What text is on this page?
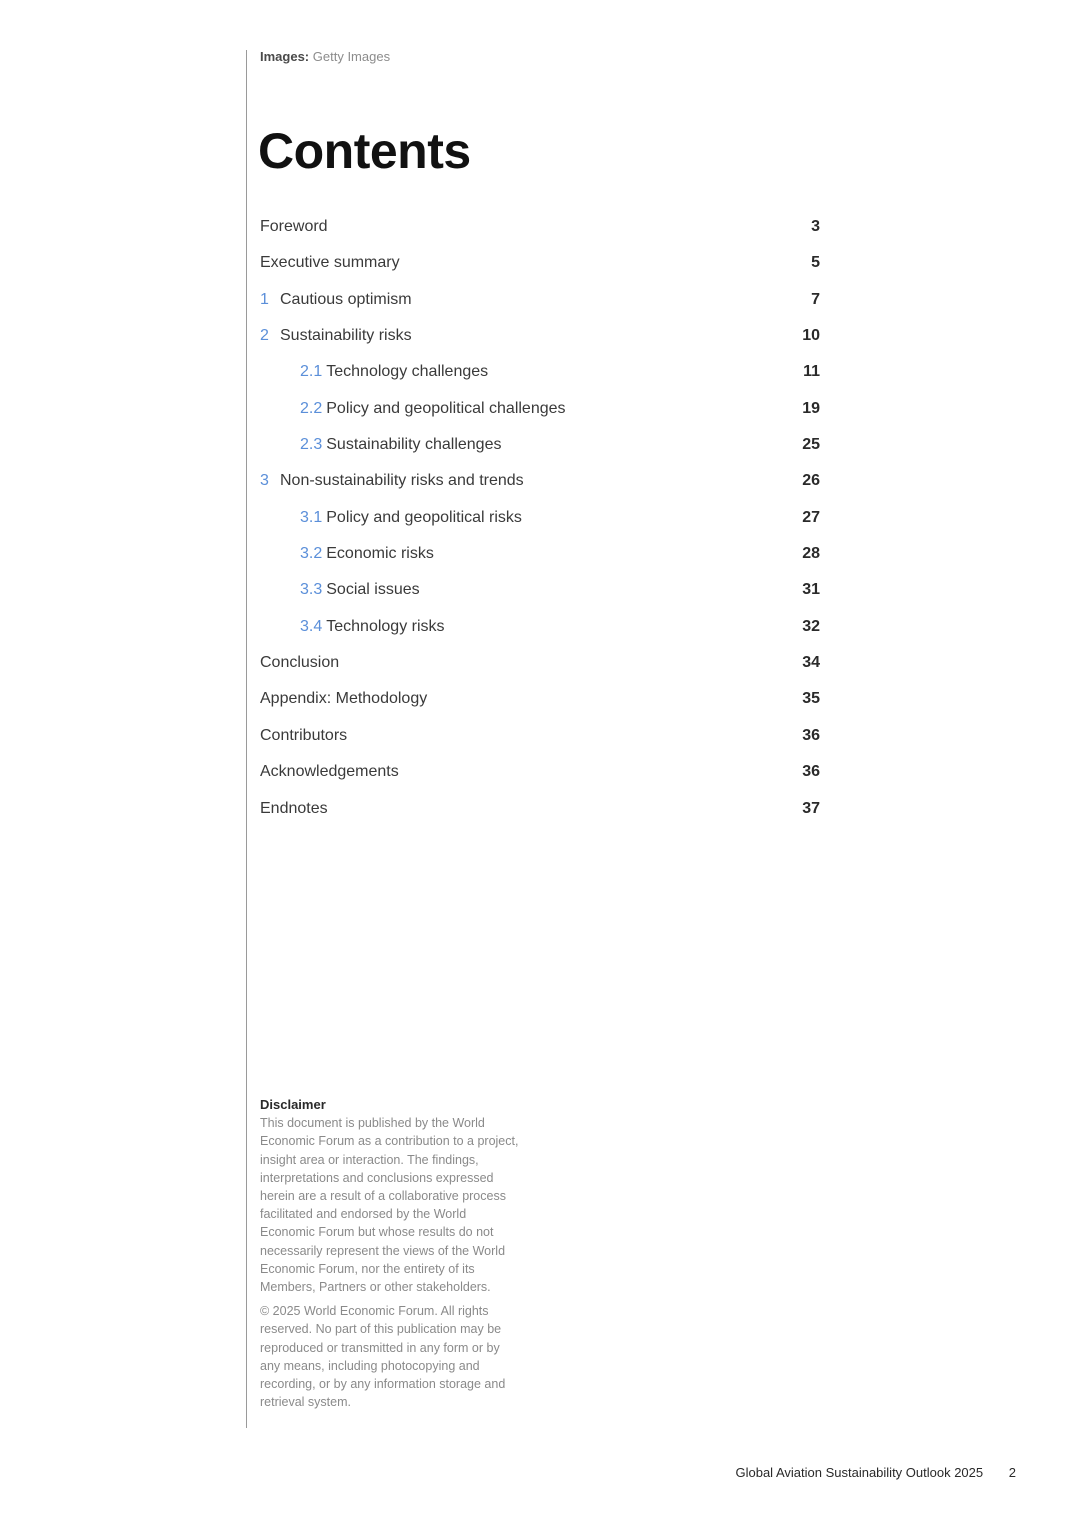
Images: Getty Images
Contents
Foreword	3
Executive summary	5
1 Cautious optimism	7
2 Sustainability risks	10
2.1 Technology challenges	11
2.2 Policy and geopolitical challenges	19
2.3 Sustainability challenges	25
3 Non-sustainability risks and trends	26
3.1 Policy and geopolitical risks	27
3.2 Economic risks	28
3.3 Social issues	31
3.4 Technology risks	32
Conclusion	34
Appendix: Methodology	35
Contributors	36
Acknowledgements	36
Endnotes	37
Disclaimer

This document is published by the World Economic Forum as a contribution to a project, insight area or interaction. The findings, interpretations and conclusions expressed herein are a result of a collaborative process facilitated and endorsed by the World Economic Forum but whose results do not necessarily represent the views of the World Economic Forum, nor the entirety of its Members, Partners or other stakeholders.

© 2025 World Economic Forum. All rights reserved. No part of this publication may be reproduced or transmitted in any form or by any means, including photocopying and recording, or by any information storage and retrieval system.

Global Aviation Sustainability Outlook 2025 2
